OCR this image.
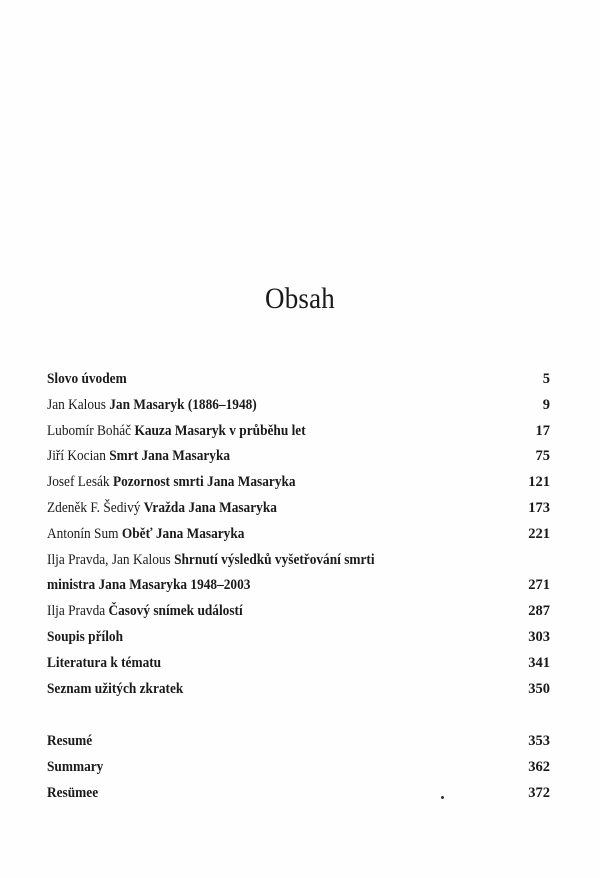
Obsah
Slovo úvodem	5
Jan Kalous Jan Masaryk (1886–1948)	9
Lubomír Boháč Kauza Masaryk v průběhu let	17
Jiří Kocian Smrt Jana Masaryka	75
Josef Lesák Pozornost smrti Jana Masaryka	121
Zdeněk F. Šedivý Vražda Jana Masaryka	173
Antonín Sum Oběť Jana Masaryka	221
Ilja Pravda, Jan Kalous Shrnutí výsledků vyšetřování smrti
ministra Jana Masaryka 1948–2003	271
Ilja Pravda Časový snímek událostí	287
Soupis příloh	303
Literatura k tématu	341
Seznam užitých zkratek	350
Resumé	353
Summary	362
Resümee	372
